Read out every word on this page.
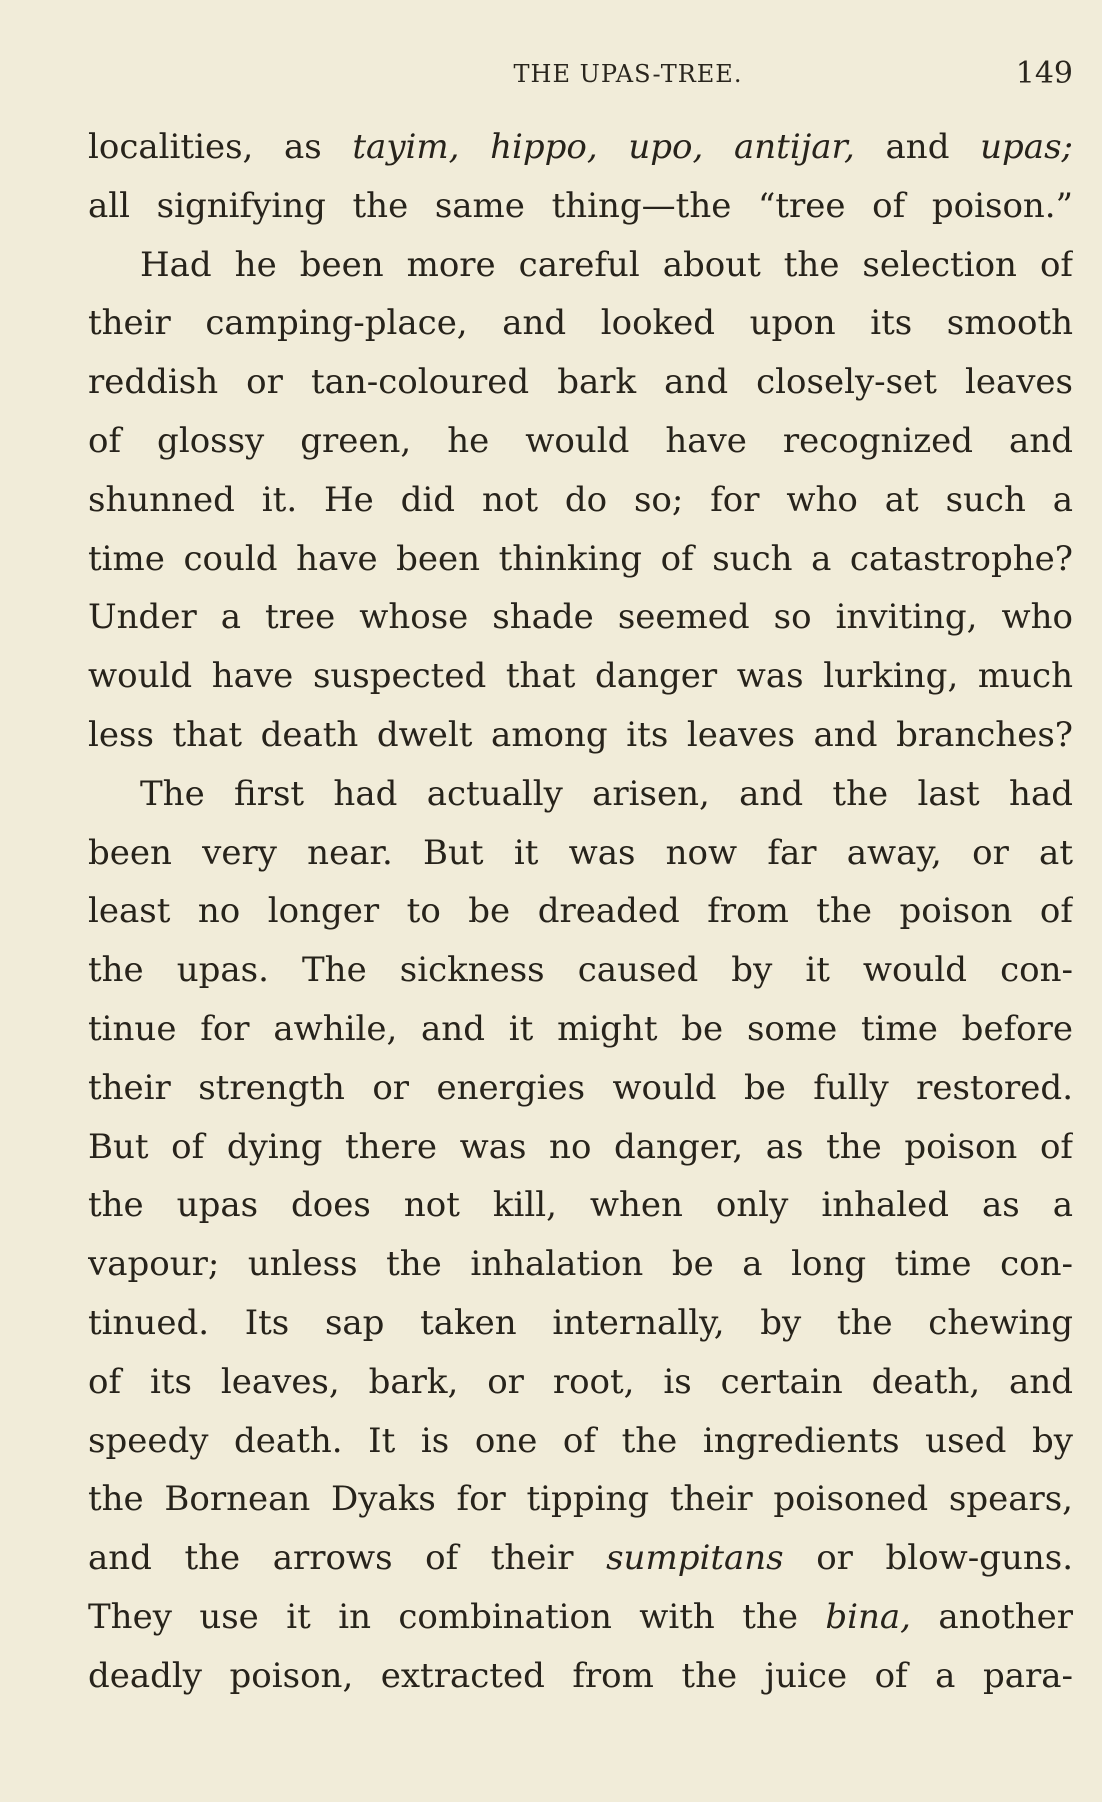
THE UPAS-TREE.	149
localities, as tayim, hippo, upo, antijar, and upas;
all signifying the same thing—the “tree of poison.”
Had he been more careful about the selection of
their camping-place, and looked upon its smooth
reddish or tan-coloured bark and closely-set leaves
of glossy green, he would have recognized and
shunned it. He did not do so; for who at such a
time could have been thinking of such a catastrophe?
Under a tree whose shade seemed so inviting, who
would have suspected that danger was lurking, much
less that death dwelt among its leaves and branches?
The first had actually arisen, and the last had
been very near. But it was now far away, or at
least no longer to be dreaded from the poison of
the upas. The sickness caused by it would con-
tinue for awhile, and it might be some time before
their strength or energies would be fully restored.
But of dying there was no danger, as the poison of
the upas does not kill, when only inhaled as a
vapour; unless the inhalation be a long time con-
tinued. Its sap taken internally, by the chewing
of its leaves, bark, or root, is certain death, and
speedy death. It is one of the ingredients used by
the Bornean Dyaks for tipping their poisoned spears,
and the arrows of their sumpitans or blow-guns.
They use it in combination with the bina, another
deadly poison, extracted from the juice of a para-
